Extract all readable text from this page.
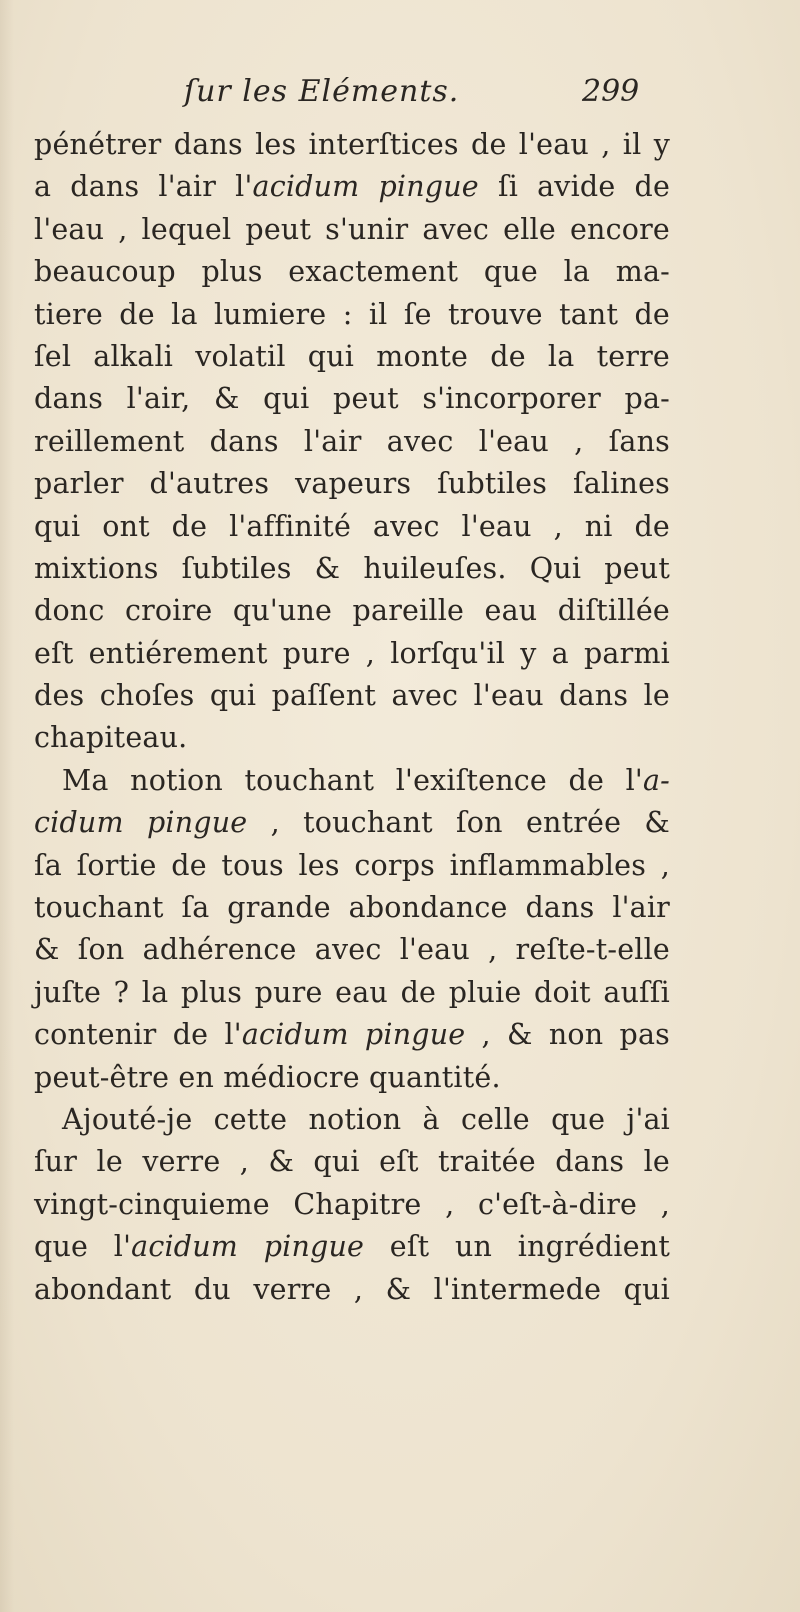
ſur les Eléments.	299
pénétrer dans les interſtices de l'eau , il y
a dans l'air l'acidum pingue ſi avide de
l'eau , lequel peut s'unir avec elle encore
beaucoup plus exactement que la ma-
tiere de la lumiere : il ſe trouve tant de
ſel alkali volatil qui monte de la terre
dans l'air, & qui peut s'incorporer pa-
reillement dans l'air avec l'eau , ſans
parler d'autres vapeurs ſubtiles ſalines
qui ont de l'affinité avec l'eau , ni de
mixtions ſubtiles & huileuſes. Qui peut
donc croire qu'une pareille eau diſtillée
eſt entiérement pure , lorſqu'il y a parmi
des choſes qui paſſent avec l'eau dans le
chapiteau.
Ma notion touchant l'exiſtence de l'a-
cidum pingue , touchant ſon entrée &
ſa ſortie de tous les corps inflammables ,
touchant ſa grande abondance dans l'air
& ſon adhérence avec l'eau , reſte-t-elle
juſte ? la plus pure eau de pluie doit auſſi
contenir de l'acidum pingue , & non pas
peut-être en médiocre quantité.
Ajouté-je cette notion à celle que j'ai
ſur le verre , & qui eſt traitée dans le
vingt-cinquieme Chapitre , c'eſt-à-dire ,
que l'acidum pingue eſt un ingrédient
abondant du verre , & l'intermede qui
